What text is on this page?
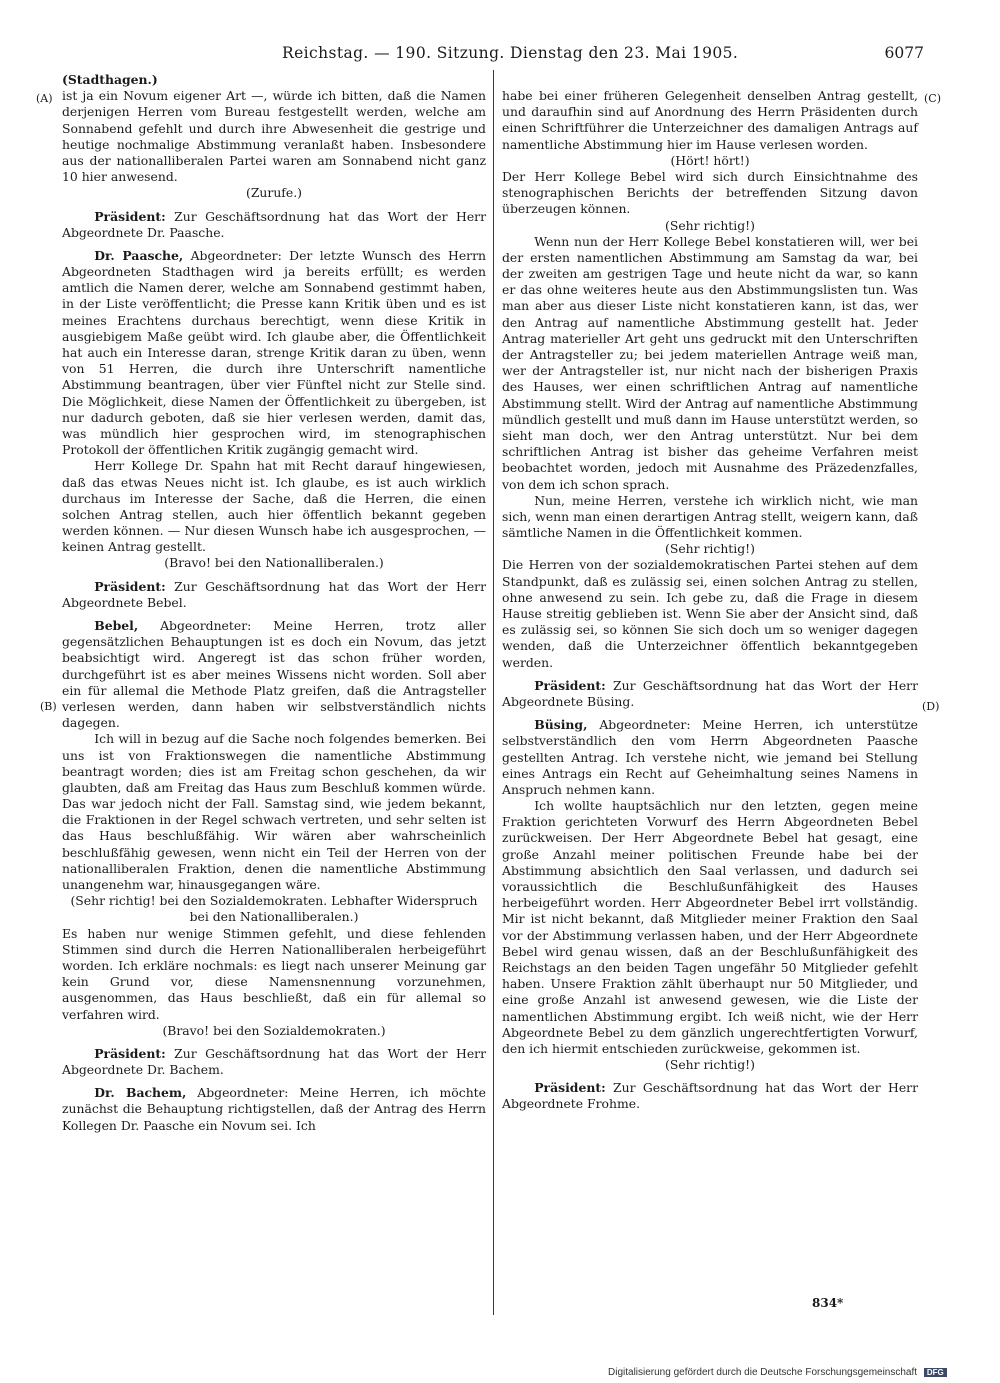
Reichstag. — 190. Sitzung. Dienstag den 23. Mai 1905.	6077
(A)
(B)
(C)
(D)

(Stadthagen.)

ist ja ein Novum eigener Art —, würde ich bitten, daß die Namen derjenigen Herren vom Bureau festgestellt werden, welche am Sonnabend gefehlt und durch ihre Abwesenheit die gestrige und heutige nochmalige Abstimmung veranlaßt haben. Insbesondere aus der nationalliberalen Partei waren am Sonnabend nicht ganz 10 hier anwesend.

(Zurufe.)

Präsident: Zur Geschäftsordnung hat das Wort der Herr Abgeordnete Dr. Paasche.

Dr. Paasche, Abgeordneter: Der letzte Wunsch des Herrn Abgeordneten Stadthagen wird ja bereits erfüllt; es werden amtlich die Namen derer, welche am Sonnabend gestimmt haben, in der Liste veröffentlicht; die Presse kann Kritik üben und es ist meines Erachtens durchaus berechtigt, wenn diese Kritik in ausgiebigem Maße geübt wird. Ich glaube aber, die Öffentlichkeit hat auch ein Interesse daran, strenge Kritik daran zu üben, wenn von 51 Herren, die durch ihre Unterschrift namentliche Abstimmung beantragen, über vier Fünftel nicht zur Stelle sind. Die Möglichkeit, diese Namen der Öffentlichkeit zu übergeben, ist nur dadurch geboten, daß sie hier verlesen werden, damit das, was mündlich hier gesprochen wird, im stenographischen Protokoll der öffentlichen Kritik zugängig gemacht wird.

Herr Kollege Dr. Spahn hat mit Recht darauf hingewiesen, daß das etwas Neues nicht ist. Ich glaube, es ist auch wirklich durchaus im Interesse der Sache, daß die Herren, die einen solchen Antrag stellen, auch hier öffentlich bekannt gegeben werden können. — Nur diesen Wunsch habe ich ausgesprochen, — keinen Antrag gestellt.

(Bravo! bei den Nationalliberalen.)

Präsident: Zur Geschäftsordnung hat das Wort der Herr Abgeordnete Bebel.

Bebel, Abgeordneter: Meine Herren, trotz aller gegensätzlichen Behauptungen ist es doch ein Novum, das jetzt beabsichtigt wird. Angeregt ist das schon früher worden, durchgeführt ist es aber meines Wissens nicht worden. Soll aber ein für allemal die Methode Platz greifen, daß die Antragsteller verlesen werden, dann haben wir selbstverständlich nichts dagegen.

Ich will in bezug auf die Sache noch folgendes bemerken. Bei uns ist von Fraktionswegen die namentliche Abstimmung beantragt worden; dies ist am Freitag schon geschehen, da wir glaubten, daß am Freitag das Haus zum Beschluß kommen würde. Das war jedoch nicht der Fall. Samstag sind, wie jedem bekannt, die Fraktionen in der Regel schwach vertreten, und sehr selten ist das Haus beschlußfähig. Wir wären aber wahrscheinlich beschlußfähig gewesen, wenn nicht ein Teil der Herren von der nationalliberalen Fraktion, denen die namentliche Abstimmung unangenehm war, hinausgegangen wäre.

(Sehr richtig! bei den Sozialdemokraten. Lebhafter Widerspruch bei den Nationalliberalen.)

Es haben nur wenige Stimmen gefehlt, und diese fehlenden Stimmen sind durch die Herren Nationalliberalen herbeigeführt worden. Ich erkläre nochmals: es liegt nach unserer Meinung gar kein Grund vor, diese Namensnennung vorzunehmen, ausgenommen, das Haus beschließt, daß ein für allemal so verfahren wird.

(Bravo! bei den Sozialdemokraten.)

Präsident: Zur Geschäftsordnung hat das Wort der Herr Abgeordnete Dr. Bachem.

Dr. Bachem, Abgeordneter: Meine Herren, ich möchte zunächst die Behauptung richtigstellen, daß der Antrag des Herrn Kollegen Dr. Paasche ein Novum sei. Ich

habe bei einer früheren Gelegenheit denselben Antrag gestellt, und daraufhin sind auf Anordnung des Herrn Präsidenten durch einen Schriftführer die Unterzeichner des damaligen Antrags auf namentliche Abstimmung hier im Hause verlesen worden.

(Hört! hört!)

Der Herr Kollege Bebel wird sich durch Einsichtnahme des stenographischen Berichts der betreffenden Sitzung davon überzeugen können.

(Sehr richtig!)

Wenn nun der Herr Kollege Bebel konstatieren will, wer bei der ersten namentlichen Abstimmung am Samstag da war, bei der zweiten am gestrigen Tage und heute nicht da war, so kann er das ohne weiteres heute aus den Abstimmungslisten tun. Was man aber aus dieser Liste nicht konstatieren kann, ist das, wer den Antrag auf namentliche Abstimmung gestellt hat. Jeder Antrag materieller Art geht uns gedruckt mit den Unterschriften der Antragsteller zu; bei jedem materiellen Antrage weiß man, wer der Antragsteller ist, nur nicht nach der bisherigen Praxis des Hauses, wer einen schriftlichen Antrag auf namentliche Abstimmung stellt. Wird der Antrag auf namentliche Abstimmung mündlich gestellt und muß dann im Hause unterstützt werden, so sieht man doch, wer den Antrag unterstützt. Nur bei dem schriftlichen Antrag ist bisher das geheime Verfahren meist beobachtet worden, jedoch mit Ausnahme des Präzedenzfalles, von dem ich schon sprach.

Nun, meine Herren, verstehe ich wirklich nicht, wie man sich, wenn man einen derartigen Antrag stellt, weigern kann, daß sämtliche Namen in die Öffentlichkeit kommen.

(Sehr richtig!)

Die Herren von der sozialdemokratischen Partei stehen auf dem Standpunkt, daß es zulässig sei, einen solchen Antrag zu stellen, ohne anwesend zu sein. Ich gebe zu, daß die Frage in diesem Hause streitig geblieben ist. Wenn Sie aber der Ansicht sind, daß es zulässig sei, so können Sie sich doch um so weniger dagegen wenden, daß die Unterzeichner öffentlich bekanntgegeben werden.

Präsident: Zur Geschäftsordnung hat das Wort der Herr Abgeordnete Büsing.

Büsing, Abgeordneter: Meine Herren, ich unterstütze selbstverständlich den vom Herrn Abgeordneten Paasche gestellten Antrag. Ich verstehe nicht, wie jemand bei Stellung eines Antrags ein Recht auf Geheimhaltung seines Namens in Anspruch nehmen kann.

Ich wollte hauptsächlich nur den letzten, gegen meine Fraktion gerichteten Vorwurf des Herrn Abgeordneten Bebel zurückweisen. Der Herr Abgeordnete Bebel hat gesagt, eine große Anzahl meiner politischen Freunde habe bei der Abstimmung absichtlich den Saal verlassen, und dadurch sei voraussichtlich die Beschlußunfähigkeit des Hauses herbeigeführt worden. Herr Abgeordneter Bebel irrt vollständig. Mir ist nicht bekannt, daß Mitglieder meiner Fraktion den Saal vor der Abstimmung verlassen haben, und der Herr Abgeordnete Bebel wird genau wissen, daß an der Beschlußunfähigkeit des Reichstags an den beiden Tagen ungefähr 50 Mitglieder gefehlt haben. Unsere Fraktion zählt überhaupt nur 50 Mitglieder, und eine große Anzahl ist anwesend gewesen, wie die Liste der namentlichen Abstimmung ergibt. Ich weiß nicht, wie der Herr Abgeordnete Bebel zu dem gänzlich ungerechtfertigten Vorwurf, den ich hiermit entschieden zurückweise, gekommen ist.

(Sehr richtig!)

Präsident: Zur Geschäftsordnung hat das Wort der Herr Abgeordnete Frohme.

834*
Digitalisierung gefördert durch die Deutsche Forschungsgemeinschaft DFG
